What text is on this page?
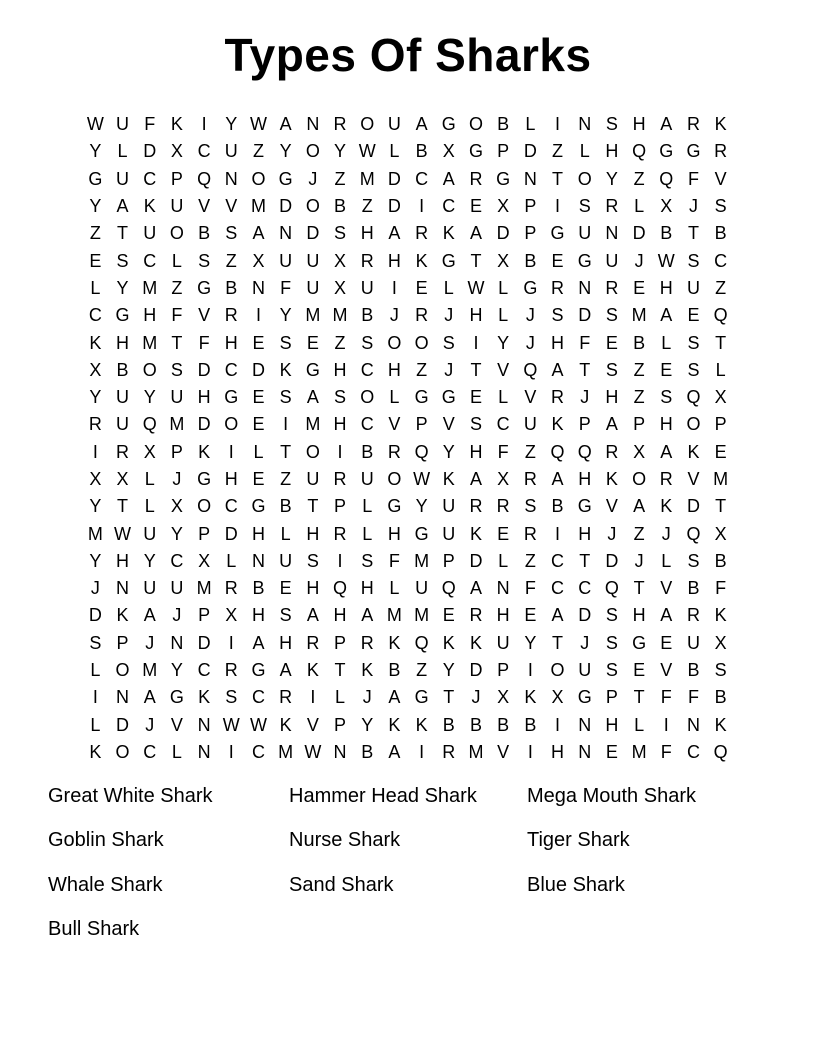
Types Of Sharks
W U F K	I	Y W A N R O U A G O B L	I	N S H A R K
Y L D X C U Z Y O Y W L B X G P D Z L H Q G G R
G U C P Q N O G J Z M D C A R G N T O Y Z Q F V
Y A K U V V M D O B Z D	I	C E X P	I	S R L X J S
Z T U O B S A N D S H A R K A D P G U N D B T B
E S C L S Z X U U X R H K G T X B E G U J W S C
L Y M Z G B N F U X U	I	E L W L G R N R E H U Z
C G H F V R	I	Y M M B J R J H L J S D S M A E Q
K H M T F H E S E Z S O O S	I	Y J H F E B L S T
X B O S D C D K G H C H Z J T V Q A T S Z E S L
Y U Y U H G E S A S O L G G E L V R J H Z S Q X
R U Q M D O E	I M H C V P V S C U K P A P H O P
I	R X P K	I	L T O I	B R Q Y H F Z Q Q R X A K E
X X L J G H E Z U R U O W K A X R A H K O R V M
Y T L X O C G B T P L G Y U R R S B G V A K D T
M W U Y P D H L H R L H G U K E R	I	H J Z J Q X
Y H Y C X L N U S	I	S F M P D L Z C T D J L S B
J N U U M R B E H Q H L U Q A N F C C Q T V B F
D K A J P X H S A H A M M E R H E A D S H A R K
S P J N D	I	A H R P R K Q K K U Y T J S G E U X
L O M Y C R G A K T K B Z Y D P	I O U S E V B S
I	N A G K S C R	I	L J A G T J X K X G P T F F B
L D J V N W W K V P Y K K B B B B	I	N H L	I	N K
K O C L N	I	C M W N B A	I	R M V	I	H N E M F C Q
Great White Shark
Goblin Shark
Whale Shark
Bull Shark
Hammer Head Shark
Nurse Shark
Sand Shark
Mega Mouth Shark
Tiger Shark
Blue Shark
